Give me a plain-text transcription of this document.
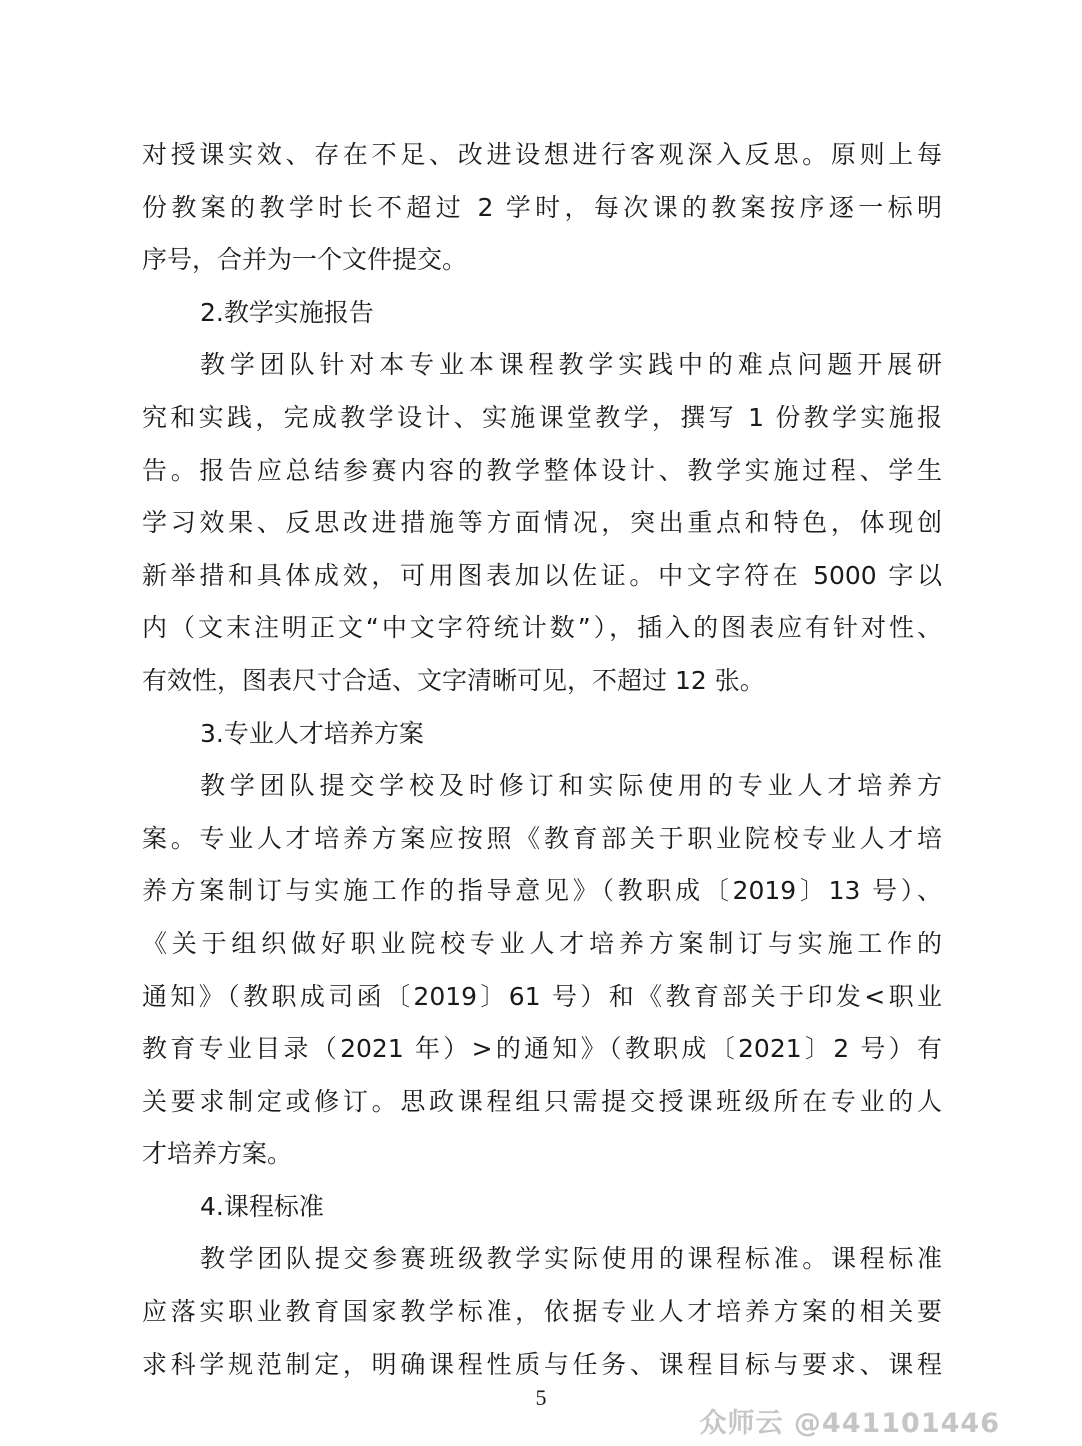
对授课实效、存在不足、改进设想进行客观深入反思。原则上每
份教案的教学时长不超过 2 学时，每次课的教案按序逐一标明
序号，合并为一个文件提交。
2.教学实施报告
教学团队针对本专业本课程教学实践中的难点问题开展研
究和实践，完成教学设计、实施课堂教学，撰写 1 份教学实施报
告。报告应总结参赛内容的教学整体设计、教学实施过程、学生
学习效果、反思改进措施等方面情况，突出重点和特色，体现创
新举措和具体成效，可用图表加以佐证。中文字符在 5000 字以
内（文末注明正文“中文字符统计数”），插入的图表应有针对性、
有效性，图表尺寸合适、文字清晰可见，不超过 12 张。
3.专业人才培养方案
教学团队提交学校及时修订和实际使用的专业人才培养方
案。专业人才培养方案应按照《教育部关于职业院校专业人才培
养方案制订与实施工作的指导意见》（教职成〔2019〕13 号）、
《关于组织做好职业院校专业人才培养方案制订与实施工作的
通知》（教职成司函〔2019〕61 号）和《教育部关于印发<职业
教育专业目录（2021 年）>的通知》（教职成〔2021〕2 号）有
关要求制定或修订。思政课程组只需提交授课班级所在专业的人
才培养方案。
4.课程标准
教学团队提交参赛班级教学实际使用的课程标准。课程标准
应落实职业教育国家教学标准，依据专业人才培养方案的相关要
求科学规范制定，明确课程性质与任务、课程目标与要求、课程
5
众师云 @441101446
